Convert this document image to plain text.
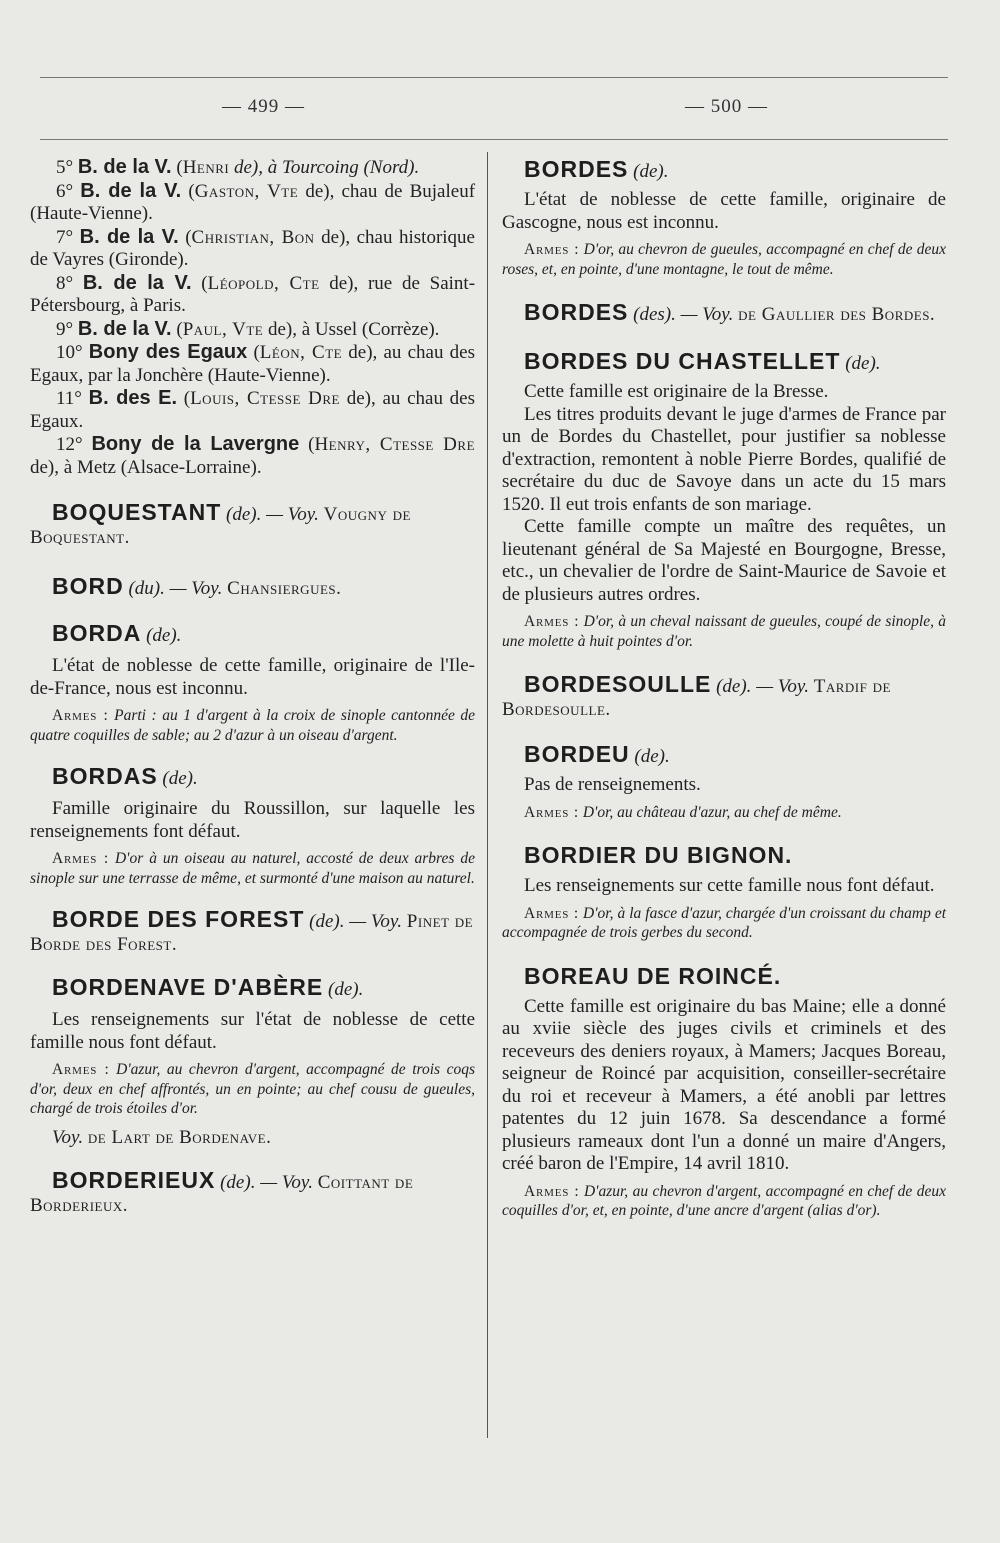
— 499 —	— 500 —

5° B. de la V. (Henri de), à Tourcoing (Nord).

6° B. de la V. (Gaston, Vte de), chau de Bujaleuf (Haute-Vienne).

7° B. de la V. (Christian, Bon de), chau historique de Vayres (Gironde).

8° B. de la V. (Léopold, Cte de), rue de Saint-Pétersbourg, à Paris.

9° B. de la V. (Paul, Vte de), à Ussel (Corrèze).

10° Bony des Egaux (Léon, Cte de), au chau des Egaux, par la Jonchère (Haute-Vienne).

11° B. des E. (Louis, Ctesse Dre de), au chau des Egaux.

12° Bony de la Lavergne (Henry, Ctesse Dre de), à Metz (Alsace-Lorraine).

BOQUESTANT (de). — Voy. Vougny de Boquestant.

BORD (du). — Voy. Chansiergues.

BORDA (de).

L'état de noblesse de cette famille, originaire de l'Ile-de-France, nous est inconnu.

Armes : Parti : au 1 d'argent à la croix de sinople cantonnée de quatre coquilles de sable; au 2 d'azur à un oiseau d'argent.

BORDAS (de).

Famille originaire du Roussillon, sur laquelle les renseignements font défaut.

Armes : D'or à un oiseau au naturel, accosté de deux arbres de sinople sur une terrasse de même, et surmonté d'une maison au naturel.

BORDE DES FOREST (de). — Voy. Pinet de Borde des Forest.

BORDENAVE D'ABÈRE (de).

Les renseignements sur l'état de noblesse de cette famille nous font défaut.

Armes : D'azur, au chevron d'argent, accompagné de trois coqs d'or, deux en chef affrontés, un en pointe; au chef cousu de gueules, chargé de trois étoiles d'or.

Voy. de Lart de Bordenave.

BORDERIEUX (de). — Voy. Coittant de Borderieux.

BORDES (de).

L'état de noblesse de cette famille, originaire de Gascogne, nous est inconnu.

Armes : D'or, au chevron de gueules, accompagné en chef de deux roses, et, en pointe, d'une montagne, le tout de même.

BORDES (des). — Voy. de Gaullier des Bordes.

BORDES DU CHASTELLET (de).

Cette famille est originaire de la Bresse.

Les titres produits devant le juge d'armes de France par un de Bordes du Chastellet, pour justifier sa noblesse d'extraction, remontent à noble Pierre Bordes, qualifié de secrétaire du duc de Savoye dans un acte du 15 mars 1520. Il eut trois enfants de son mariage.

Cette famille compte un maître des requêtes, un lieutenant général de Sa Majesté en Bourgogne, Bresse, etc., un chevalier de l'ordre de Saint-Maurice de Savoie et de plusieurs autres ordres.

Armes : D'or, à un cheval naissant de gueules, coupé de sinople, à une molette à huit pointes d'or.

BORDESOULLE (de). — Voy. Tardif de Bordesoulle.

BORDEU (de).

Pas de renseignements.

Armes : D'or, au château d'azur, au chef de même.

BORDIER DU BIGNON.

Les renseignements sur cette famille nous font défaut.

Armes : D'or, à la fasce d'azur, chargée d'un croissant du champ et accompagnée de trois gerbes du second.

BOREAU DE ROINCÉ.

Cette famille est originaire du bas Maine; elle a donné au xviie siècle des juges civils et criminels et des receveurs des deniers royaux, à Mamers; Jacques Boreau, seigneur de Roincé par acquisition, conseiller-secrétaire du roi et receveur à Mamers, a été anobli par lettres patentes du 12 juin 1678. Sa descendance a formé plusieurs rameaux dont l'un a donné un maire d'Angers, créé baron de l'Empire, 14 avril 1810.

Armes : D'azur, au chevron d'argent, accompagné en chef de deux coquilles d'or, et, en pointe, d'une ancre d'argent (alias d'or).
